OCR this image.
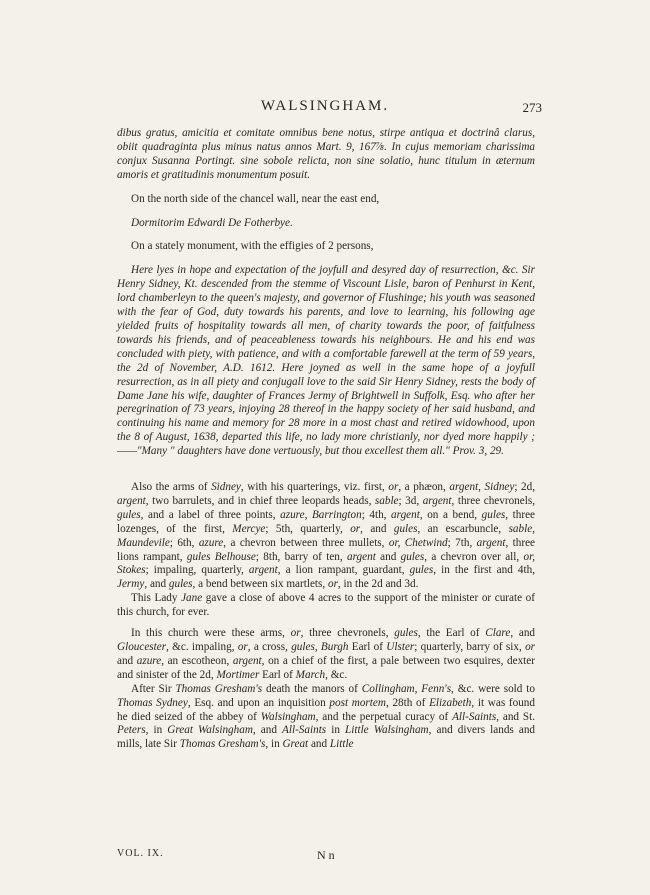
WALSINGHAM.	273

dibus gratus, amicitia et comitate omnibus bene notus, stirpe antiqua et doctrinâ clarus, obiit quadraginta plus minus natus annos Mart. 9, 167⅞. In cujus memoriam charissima conjux Susanna Portingt. sine sobole relicta, non sine solatio, hunc titulum in æternum amoris et gratitudinis monumentum posuit.

On the north side of the chancel wall, near the east end,

Dormitorim Edwardi De Fotherbye.

On a stately monument, with the effigies of 2 persons,

Here lyes in hope and expectation of the joyfull and desyred day of resurrection, &c. Sir Henry Sidney, Kt. descended from the stemme of Viscount Lisle, baron of Penhurst in Kent, lord chamberleyn to the queen's majesty, and governor of Flushinge; his youth was seasoned with the fear of God, duty towards his parents, and love to learning, his following age yielded fruits of hospitality towards all men, of charity towards the poor, of faitfulness towards his friends, and of peaceableness towards his neighbours. He and his end was concluded with piety, with patience, and with a comfortable farewell at the term of 59 years, the 2d of November, A.D. 1612. Here joyned as well in the same hope of a joyfull resurrection, as in all piety and conjugall love to the said Sir Henry Sidney, rests the body of Dame Jane his wife, daughter of Frances Jermy of Brightwell in Suffolk, Esq. who after her peregrination of 73 years, injoying 28 thereof in the happy society of her said husband, and continuing his name and memory for 28 more in a most chast and retired widowhood, upon the 8 of August, 1638, departed this life, no lady more christianly, nor dyed more happily ;——"Many " daughters have done vertuously, but thou excellest them all." Prov. 3, 29.

Also the arms of Sidney, with his quarterings, viz. first, or, a phæon, argent, Sidney; 2d, argent, two barrulets, and in chief three leopards heads, sable; 3d, argent, three chevronels, gules, and a label of three points, azure, Barrington; 4th, argent, on a bend, gules, three lozenges, of the first, Mercye; 5th, quarterly, or, and gules, an escarbuncle, sable, Maundevile; 6th, azure, a chevron between three mullets, or, Chetwind; 7th, argent, three lions rampant, gules Belhouse; 8th, barry of ten, argent and gules, a chevron over all, or, Stokes; impaling, quarterly, argent, a lion rampant, guardant, gules, in the first and 4th, Jermy, and gules, a bend between six martlets, or, in the 2d and 3d.

This Lady Jane gave a close of above 4 acres to the support of the minister or curate of this church, for ever.

In this church were these arms, or, three chevronels, gules, the Earl of Clare, and Gloucester, &c. impaling, or, a cross, gules, Burgh Earl of Ulster; quarterly, barry of six, or and azure, an escotheon, argent, on a chief of the first, a pale between two esquires, dexter and sinister of the 2d, Mortimer Earl of March, &c.

After Sir Thomas Gresham's death the manors of Collingham, Fenn's, &c. were sold to Thomas Sydney, Esq. and upon an inquisition post mortem, 28th of Elizabeth, it was found he died seized of the abbey of Walsingham, and the perpetual curacy of All-Saints, and St. Peters, in Great Walsingham, and All-Saints in Little Walsingham, and divers lands and mills, late Sir Thomas Gresham's, in Great and Little

VOL. IX.	N n
